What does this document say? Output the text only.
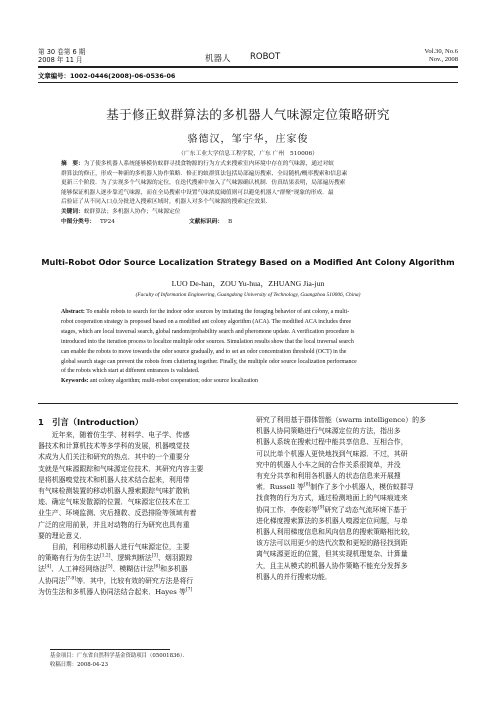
第 30 卷第 6 期
2008 年 11 月	机器人 ROBOT
Vol.30, No.6
Nov., 2008
文章编号：1002-0446(2008)-06-0536-06
基于修正蚁群算法的多机器人气味源定位策略研究
骆德汉，邹宇华，庄家俊
（广东工业大学信息工程学院，广东 广州　510006）
摘　要：为了使多机器人系统能够模仿蚁群寻找食物源的行为方式来搜索室内环境中存在的气味源，通过对蚁
群算法的修正，形成一种新的多机器人协作策略．修正的蚁群算法包括局部遍历搜索、全局随机/概率搜索和信息素
更新三个阶段．为了实现多个气味源的定位，在迭代搜索中加入了气味源确认机制．仿真结果表明，局部遍历搜索
能够保证机器人逐步靠近气味源，而在全局搜索中设置气味浓度阈值则可以避免机器人"群聚"现象的形成．最
后验证了从不同入口点分批进入搜索区域时，机器人对多个气味源的搜索定位效果．
关键词：蚁群算法；多机器人协作；气味源定位
中图分类号： TP24	文献标识码： B
Multi-Robot Odor Source Localization Strategy Based on a Modified Ant Colony Algorithm
LUO De-han，ZOU Yu-hua，ZHUANG Jia-jun
(Faculty of Information Engineering, Guangdong University of Technology, Guangzhou 510006, China)
Abstract: To enable robots to search for the indoor odor sources by imitating the foraging behavior of ant colony, a multi-
robot cooperation strategy is proposed based on a modified ant colony algorithm (ACA). The modified ACA includes three
stages, which are local traversal search, global random/probability search and pheromone update. A verification procedure is
introduced into the iteration process to localize multiple odor sources. Simulation results show that the local traversal search
can enable the robots to move towards the odor source gradually, and to set an odor concentration threshold (OCT) in the
global search stage can prevent the robots from cluttering together. Finally, the multiple odor source localization performance
of the robots which start at different entrances is validated.
Keywords: ant colony algorithm; multi-robot cooperation; odor source localization
1　引言（Introduction）
　　近年来，随着仿生学、材料学、电子学、传感
器技术和计算机技术等多学科的发展，机器嗅觉技
术成为人们关注和研究的热点．其中的一个重要分
支就是气味源跟踪和气味源定位技术．其研究内容主要
是将机器嗅觉技术和机器人技术结合起来，利用带
有气味检测装置的移动机器人搜索跟踪气味扩散轨
迹、确定气味发散源的位置．气味源定位技术在工
业生产、环境监测、灾后搜救、反恐排险等领域有着
广泛的应用前景，并且对动物的行为研究也具有重
要的理论意义．
　　目前，利用移动机器人进行气味源定位，主要
的策略有行为仿生法[1,2]、逻辑判断法[3]、烟羽跟踪
法[4]、人工神经网络法[5]、模糊估计法[6]和多机器
人协同法[7-9]等．其中，比较有效的研究方法是将行
为仿生法和多机器人协同法结合起来．Hayes 等[7]
研究了利用基于群体智能（swarm intelligence）的多
机器人协同策略进行气味源定位的方法，指出多
机器人系统在搜索过程中能共享信息、互相合作，
可以比单个机器人更快地找到气味源．不过，其研
究中的机器人小车之间的合作关系很简单，并没
有充分共享和利用各机器人的状态信息来开展搜
索．Russell 等[8]制作了多个小机器人，模仿蚁群寻
找食物的行为方式，通过检测地面上的气味痕迹来
协同工作．李俊彩等[9]研究了动态气流环境下基于
进化梯度搜索算法的多机器人嗅源定位问题，与单
机器人利用梯度信息和风向信息的搜索策略相比较，
该方法可以用更少的迭代次数和更短的路径找到距
离气味源更近的位置，但其实现机理复杂、计算量
大，且主从模式的机器人协作策略不能充分发挥多
机器人的并行搜索功能．
基金项目：广东省自然科学基金资助项目（05001836）．
收稿日期：2008-04-23
